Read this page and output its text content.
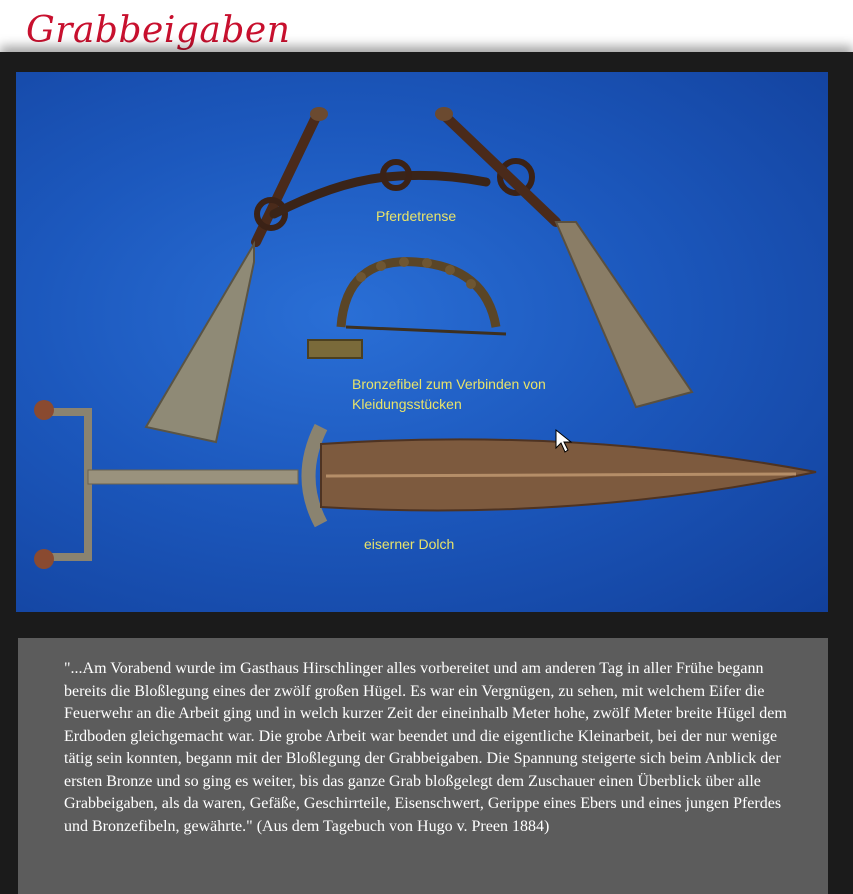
Grabbeigaben
Pferdetrense
Bronzefibel zum Verbinden von Kleidungsstücken
eiserner Dolch
"...Am Vorabend wurde im Gasthaus Hirschlinger alles vorbereitet und am anderen Tag in aller Frühe begann bereits die Bloßlegung eines der zwölf großen Hügel. Es war ein Vergnügen, zu sehen, mit welchem Eifer die Feuerwehr an die Arbeit ging und in welch kurzer Zeit der eineinhalb Meter hohe, zwölf Meter breite Hügel dem Erdboden gleichgemacht war. Die grobe Arbeit war beendet und die eigentliche Kleinarbeit, bei der nur wenige tätig sein konnten, begann mit der Bloßlegung der Grabbeigaben. Die Spannung steigerte sich beim Anblick der ersten Bronze und so ging es weiter, bis das ganze Grab bloßgelegt dem Zuschauer einen Überblick über alle Grabbeigaben, als da waren, Gefäße, Geschirrteile, Eisenschwert, Gerippe eines Ebers und eines jungen Pferdes und Bronzefibeln, gewährte." (Aus dem Tagebuch von Hugo v. Preen 1884)
